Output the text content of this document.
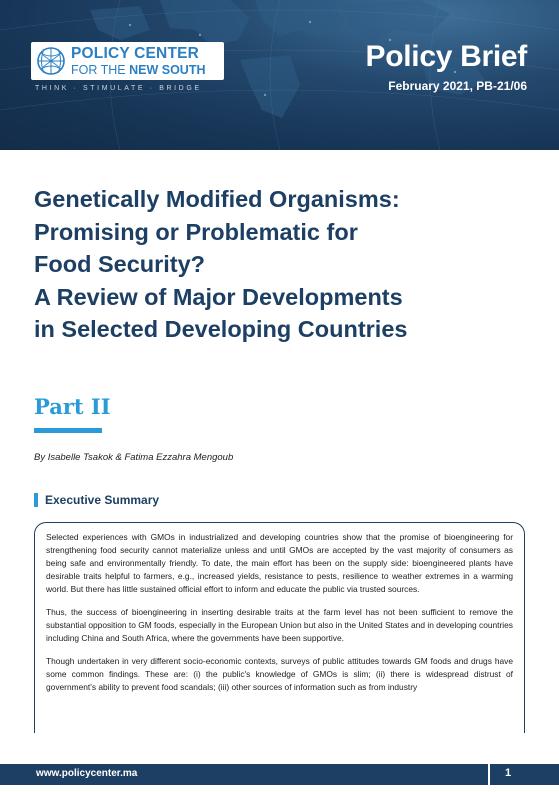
POLICY CENTER
FOR THE NEW SOUTH
THINK · STIMULATE · BRIDGE
Policy Brief
February 2021, PB-21/06
Genetically Modified Organisms:
Promising or Problematic for
Food Security?
A Review of Major Developments
in Selected Developing Countries
Part II
By Isabelle Tsakok & Fatima Ezzahra Mengoub
Executive Summary

Selected experiences with GMOs in industrialized and developing countries show that the promise of bioengineering for strengthening food security cannot materialize unless and until GMOs are accepted by the vast majority of consumers as being safe and environmentally friendly. To date, the main effort has been on the supply side: bioengineered plants have desirable traits helpful to farmers, e.g., increased yields, resistance to pests, resilience to weather extremes in a warming world. But there has little sustained official effort to inform and educate the public via trusted sources.

Thus, the success of bioengineering in inserting desirable traits at the farm level has not been sufficient to remove the substantial opposition to GM foods, especially in the European Union but also in the United States and in developing countries including China and South Africa, where the governments have been supportive.

Though undertaken in very different socio-economic contexts, surveys of public attitudes towards GM foods and drugs have some common findings. These are: (i) the public's knowledge of GMOs is slim; (ii) there is widespread distrust of government's ability to prevent food scandals; (iii) other sources of information such as from industry

www.policycenter.ma	1
